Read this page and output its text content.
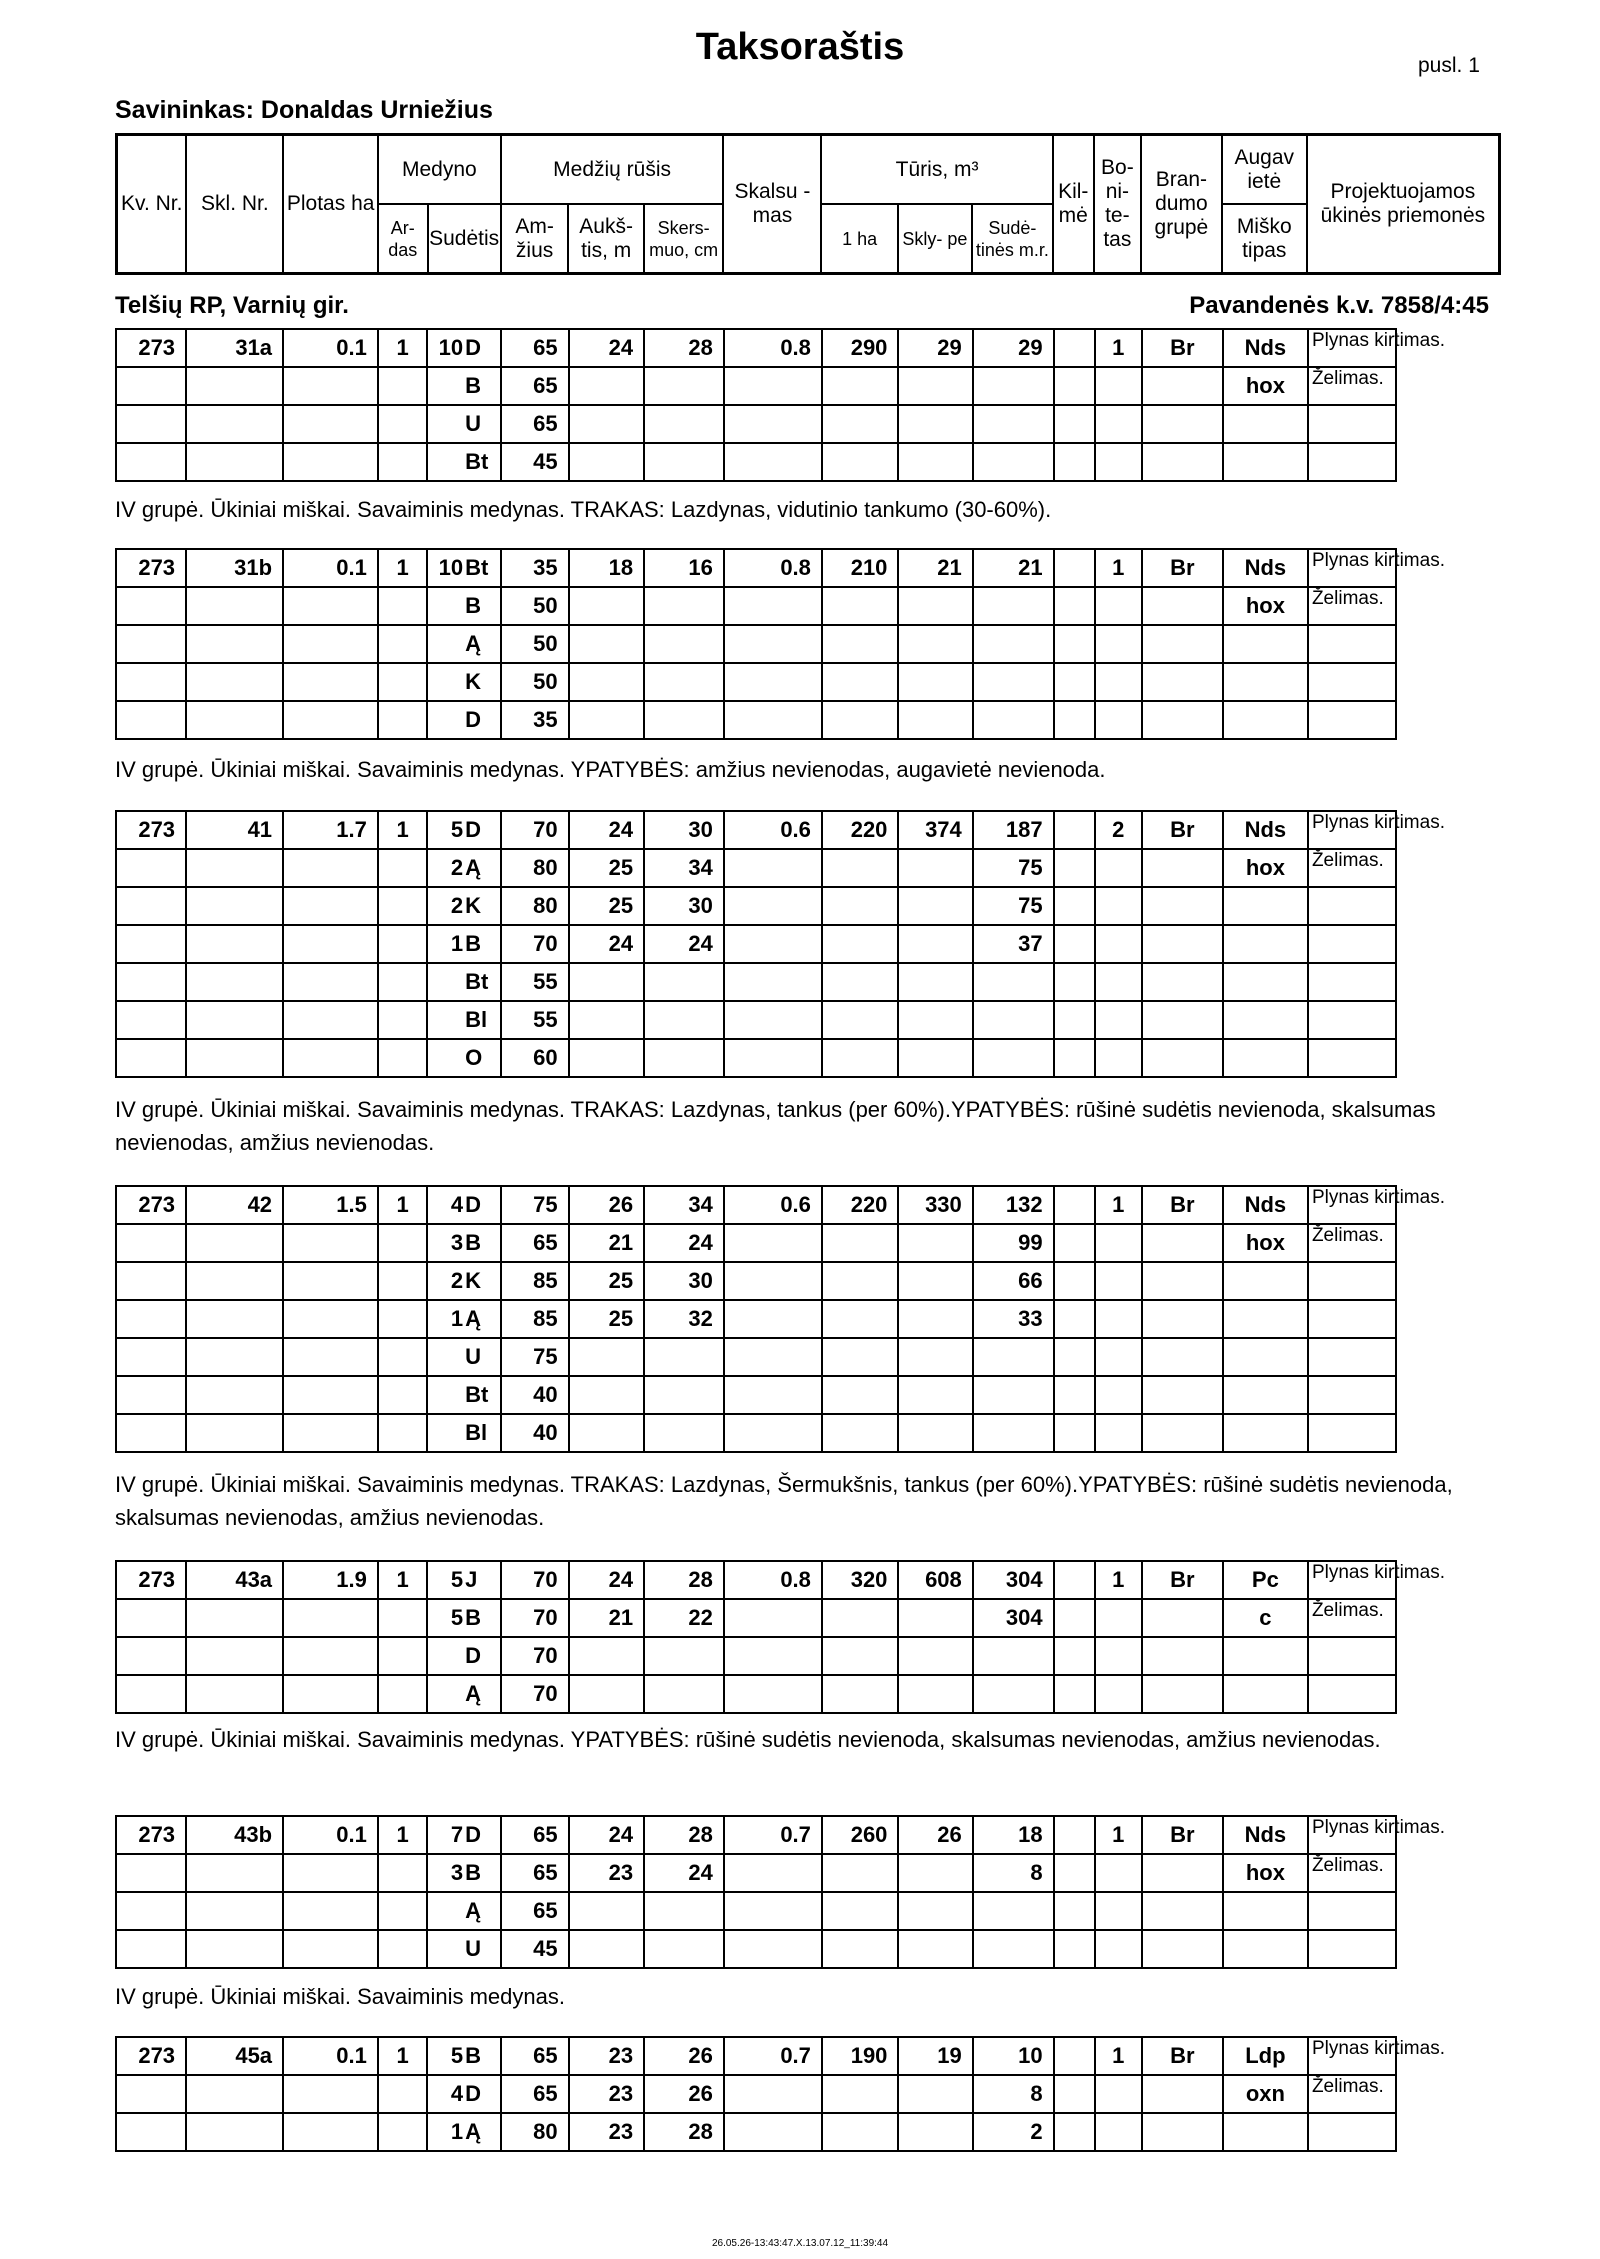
Taksoraštis	pusl. 1
Savininkas: Donaldas Urniežius
Kv. Nr.	Skl. Nr.	Plotas ha	Medyno		Medžių rūšis			Skalsu - mas	Tūris, m³			Kil- mė	Bo- ni- te- tas	Bran- dumo grupė	Augav ietė	Projektuojamos ūkinės priemonės
			Ar- das	Sudėtis	Am- žius	Aukš- tis, m	Skers- muo, cm		1 ha	Skly- pe	Sudė- tinės m.r.				Miško tipas	
Telšių RP, Varnių gir.	Pavandenės k.v. 7858/4:45
273	31a	0.1	1	10D	65	24	28	0.8	290	29	29		1	Br	Nds	Plynas kirtimas.	
				B	65										hox	Želimas.	
				U	65												
				Bt	45												
IV grupė. Ūkiniai miškai. Savaiminis medynas. TRAKAS: Lazdynas, vidutinio tankumo (30-60%).
273	31b	0.1	1	10Bt	35	18	16	0.8	210	21	21		1	Br	Nds	Plynas kirtimas.	
				B	50										hox	Želimas.	
				Ą	50												
				K	50												
				D	35												
IV grupė. Ūkiniai miškai. Savaiminis medynas. YPATYBĖS: amžius nevienodas, augavietė nevienoda.
273	41	1.7	1	5D	70	24	30	0.6	220	374	187		2	Br	Nds	Plynas kirtimas.	
				2Ą	80	25	34				75				hox	Želimas.	
				2K	80	25	30				75						
				1B	70	24	24				37						
				Bt	55												
				Bl	55												
				O	60												
IV grupė. Ūkiniai miškai. Savaiminis medynas. TRAKAS: Lazdynas, tankus (per 60%).YPATYBĖS: rūšinė sudėtis nevienoda, skalsumas nevienodas, amžius nevienodas.
273	42	1.5	1	4D	75	26	34	0.6	220	330	132		1	Br	Nds	Plynas kirtimas.	
				3B	65	21	24				99				hox	Želimas.	
				2K	85	25	30				66						
				1Ą	85	25	32				33						
				U	75												
				Bt	40												
				Bl	40												
IV grupė. Ūkiniai miškai. Savaiminis medynas. TRAKAS: Lazdynas, Šermukšnis, tankus (per 60%).YPATYBĖS: rūšinė sudėtis nevienoda, skalsumas nevienodas, amžius nevienodas.
273	43a	1.9	1	5J	70	24	28	0.8	320	608	304		1	Br	Pc	Plynas kirtimas.	
				5B	70	21	22				304				c	Želimas.	
				D	70												
				Ą	70												
IV grupė. Ūkiniai miškai. Savaiminis medynas. YPATYBĖS: rūšinė sudėtis nevienoda, skalsumas nevienodas, amžius nevienodas.
273	43b	0.1	1	7D	65	24	28	0.7	260	26	18		1	Br	Nds	Plynas kirtimas.	
				3B	65	23	24				8				hox	Želimas.	
				Ą	65												
				U	45												
IV grupė. Ūkiniai miškai. Savaiminis medynas.
273	45a	0.1	1	5B	65	23	26	0.7	190	19	10		1	Br	Ldp	Plynas kirtimas.	
				4D	65	23	26				8				oxn	Želimas.	
				1Ą	80	23	28				2						
26.05.26-13:43:47.X.13.07.12_11:39:44
